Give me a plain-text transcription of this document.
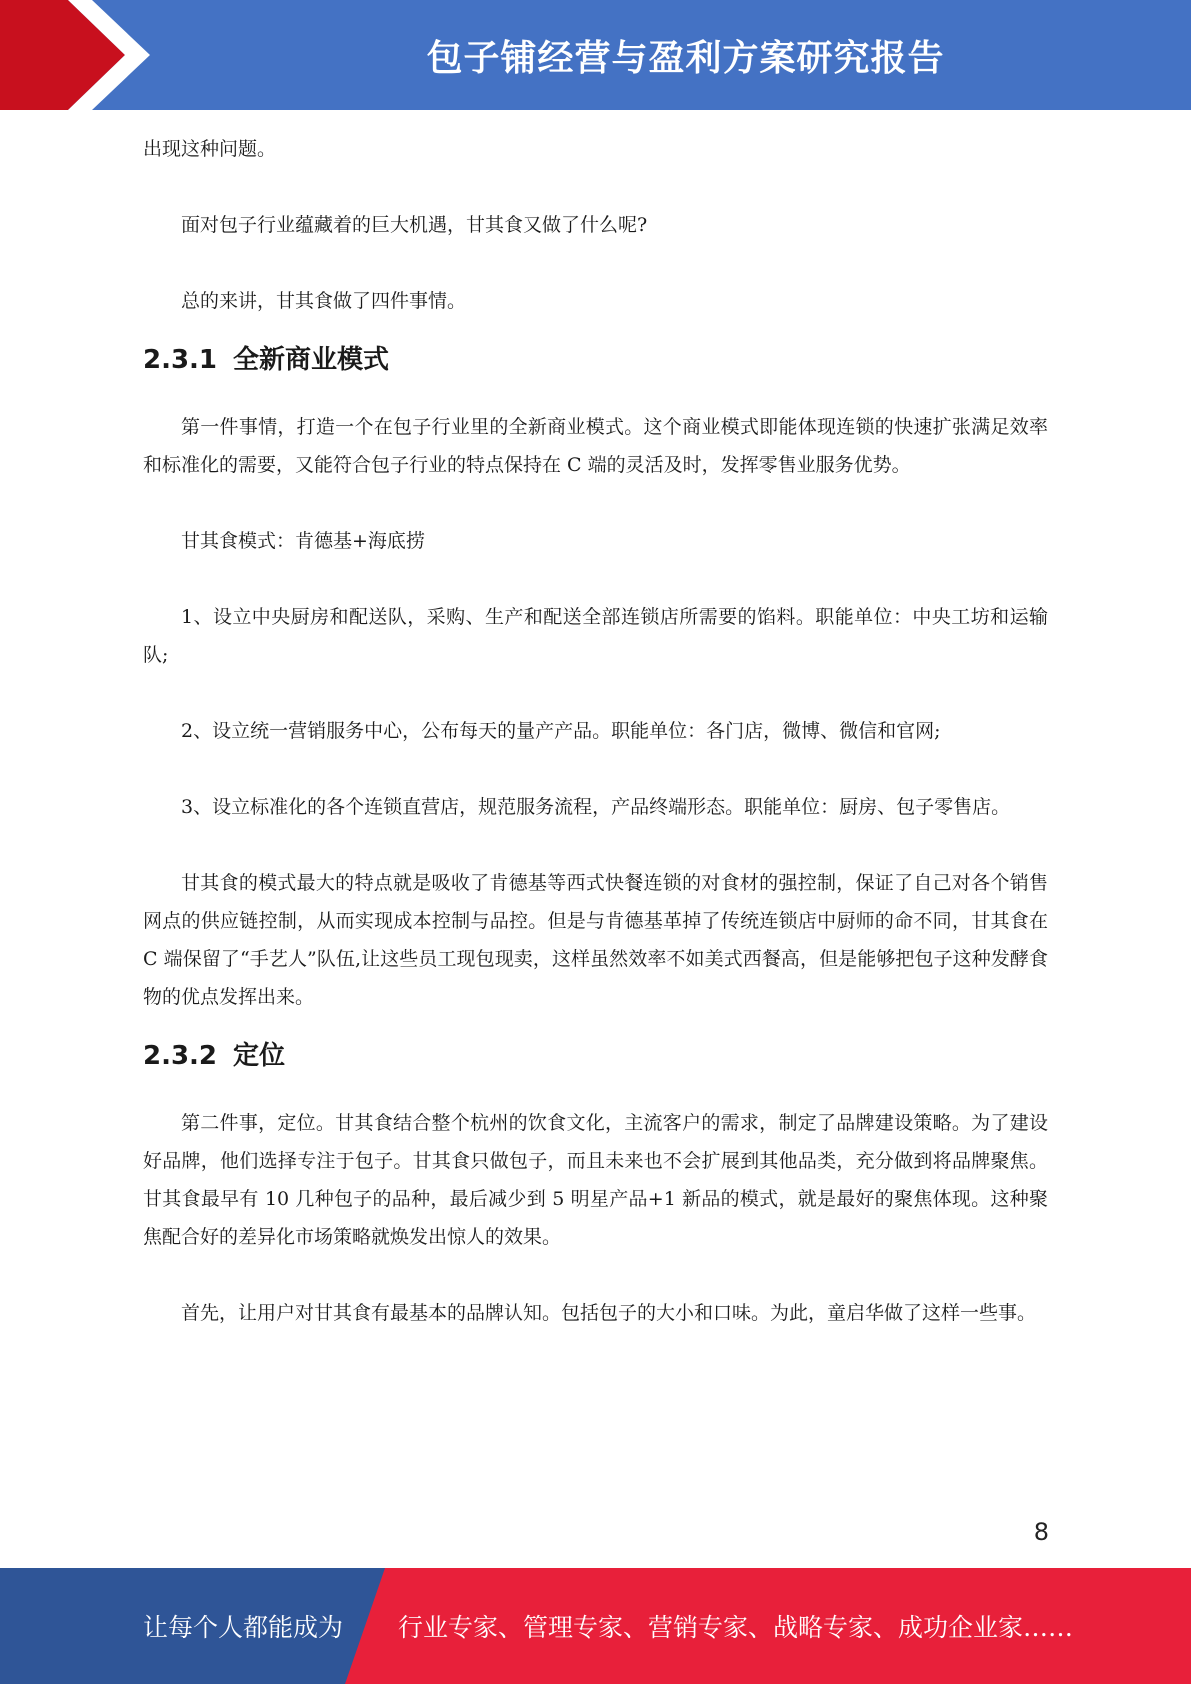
包子铺经营与盈利方案研究报告

出现这种问题。

面对包子行业蕴藏着的巨大机遇，甘其食又做了什么呢?

总的来讲，甘其食做了四件事情。

2.3.1 全新商业模式

第一件事情，打造一个在包子行业里的全新商业模式。这个商业模式即能体现连锁的快速扩张满足效率和标准化的需要，又能符合包子行业的特点保持在 C 端的灵活及时，发挥零售业服务优势。

甘其食模式：肯德基+海底捞

1、设立中央厨房和配送队，采购、生产和配送全部连锁店所需要的馅料。职能单位：中央工坊和运输队;

2、设立统一营销服务中心，公布每天的量产产品。职能单位：各门店，微博、微信和官网;

3、设立标准化的各个连锁直营店，规范服务流程，产品终端形态。职能单位：厨房、包子零售店。

甘其食的模式最大的特点就是吸收了肯德基等西式快餐连锁的对食材的强控制，保证了自己对各个销售网点的供应链控制，从而实现成本控制与品控。但是与肯德基革掉了传统连锁店中厨师的命不同，甘其食在 C 端保留了“手艺人”队伍,让这些员工现包现卖，这样虽然效率不如美式西餐高，但是能够把包子这种发酵食物的优点发挥出来。

2.3.2 定位

第二件事，定位。甘其食结合整个杭州的饮食文化，主流客户的需求，制定了品牌建设策略。为了建设好品牌，他们选择专注于包子。甘其食只做包子，而且未来也不会扩展到其他品类，充分做到将品牌聚焦。甘其食最早有 10 几种包子的品种，最后减少到 5 明星产品+1 新品的模式，就是最好的聚焦体现。这种聚焦配合好的差异化市场策略就焕发出惊人的效果。

首先，让用户对甘其食有最基本的品牌认知。包括包子的大小和口味。为此，童启华做了这样一些事。

8
让每个人都能成为 行业专家、管理专家、营销专家、战略专家、成功企业家……
